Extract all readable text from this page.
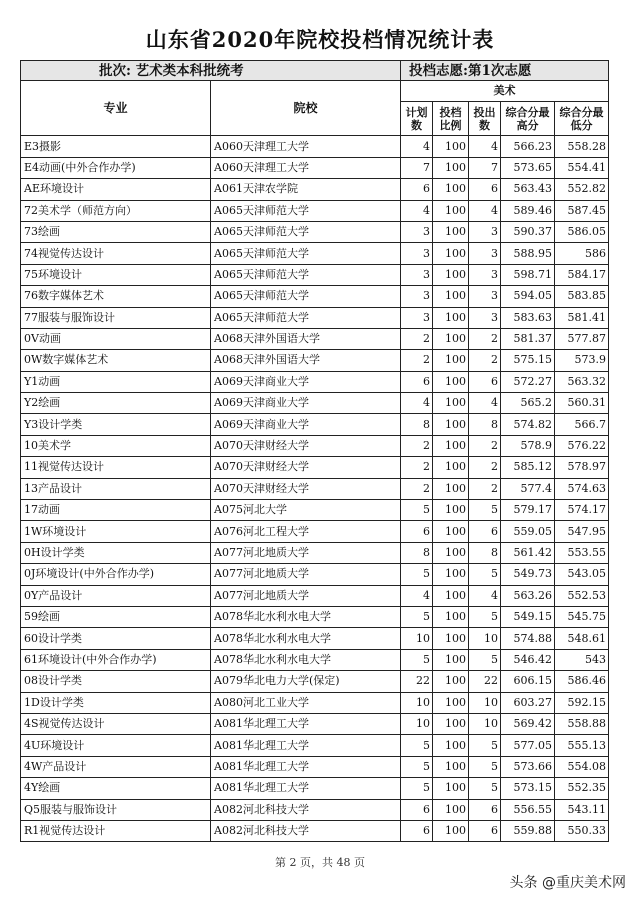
山东省2020年院校投档情况统计表
批次: 艺术类本科批统考		投档志愿:第1次志愿				
专业	院校	美术				
		计划数	投档比例	投出数	综合分最高分	综合分最低分
E3摄影	A060天津理工大学	4	100	4	566.23	558.28
E4动画(中外合作办学)	A060天津理工大学	7	100	7	573.65	554.41
AE环境设计	A061天津农学院	6	100	6	563.43	552.82
72美术学（师范方向）	A065天津师范大学	4	100	4	589.46	587.45
73绘画	A065天津师范大学	3	100	3	590.37	586.05
74视觉传达设计	A065天津师范大学	3	100	3	588.95	586
75环境设计	A065天津师范大学	3	100	3	598.71	584.17
76数字媒体艺术	A065天津师范大学	3	100	3	594.05	583.85
77服装与服饰设计	A065天津师范大学	3	100	3	583.63	581.41
0V动画	A068天津外国语大学	2	100	2	581.37	577.87
0W数字媒体艺术	A068天津外国语大学	2	100	2	575.15	573.9
Y1动画	A069天津商业大学	6	100	6	572.27	563.32
Y2绘画	A069天津商业大学	4	100	4	565.2	560.31
Y3设计学类	A069天津商业大学	8	100	8	574.82	566.7
10美术学	A070天津财经大学	2	100	2	578.9	576.22
11视觉传达设计	A070天津财经大学	2	100	2	585.12	578.97
13产品设计	A070天津财经大学	2	100	2	577.4	574.63
17动画	A075河北大学	5	100	5	579.17	574.17
1W环境设计	A076河北工程大学	6	100	6	559.05	547.95
0H设计学类	A077河北地质大学	8	100	8	561.42	553.55
0J环境设计(中外合作办学)	A077河北地质大学	5	100	5	549.73	543.05
0Y产品设计	A077河北地质大学	4	100	4	563.26	552.53
59绘画	A078华北水利水电大学	5	100	5	549.15	545.75
60设计学类	A078华北水利水电大学	10	100	10	574.88	548.61
61环境设计(中外合作办学)	A078华北水利水电大学	5	100	5	546.42	543
08设计学类	A079华北电力大学(保定)	22	100	22	606.15	586.46
1D设计学类	A080河北工业大学	10	100	10	603.27	592.15
4S视觉传达设计	A081华北理工大学	10	100	10	569.42	558.88
4U环境设计	A081华北理工大学	5	100	5	577.05	555.13
4W产品设计	A081华北理工大学	5	100	5	573.66	554.08
4Y绘画	A081华北理工大学	5	100	5	573.15	552.35
Q5服装与服饰设计	A082河北科技大学	6	100	6	556.55	543.11
R1视觉传达设计	A082河北科技大学	6	100	6	559.88	550.33
第 2 页，共 48 页
头条 @重庆美术网
